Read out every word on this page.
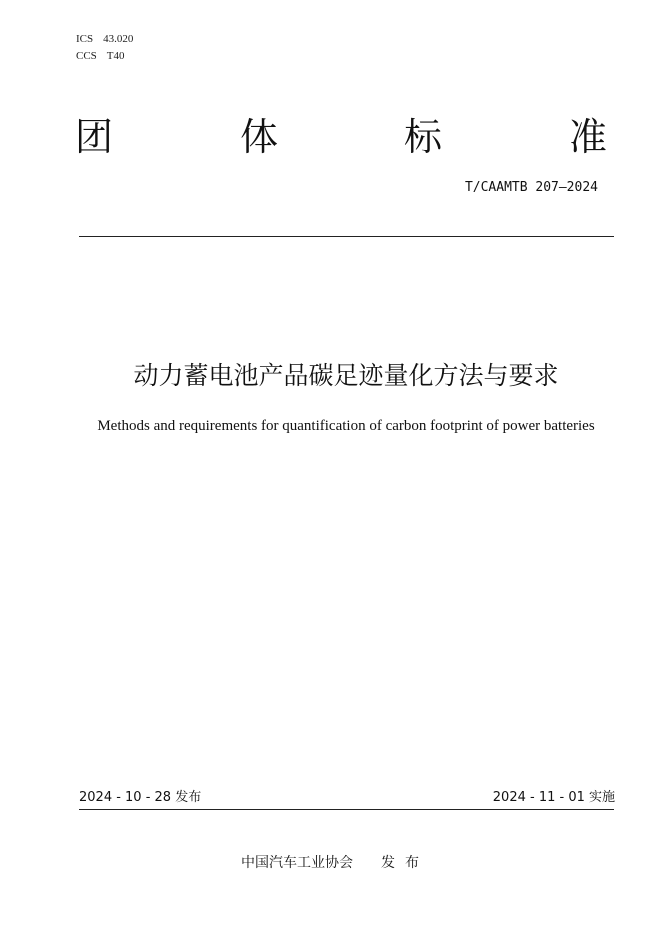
ICS 43.020
CCS T40
团	体	标	准
T/CAAMTB 207—2024
动力蓄电池产品碳足迹量化方法与要求
Methods and requirements for quantification of carbon footprint of power batteries
2024 - 10 - 28 发布	2024 - 11 - 01 实施
中国汽车工业协会 发布
